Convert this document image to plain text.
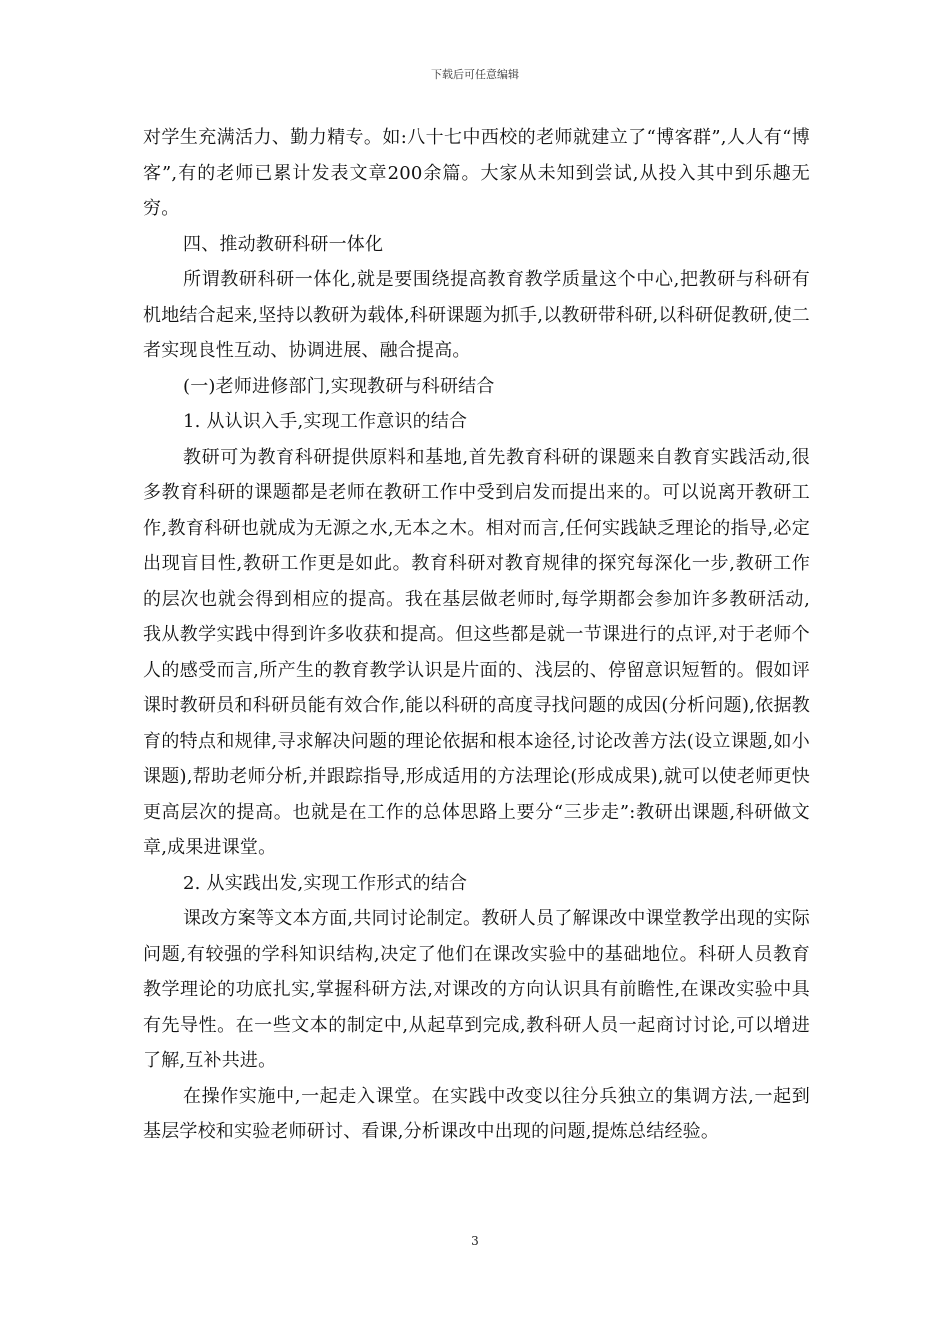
下载后可任意编辑

对学生充满活力、勤力精专。如:八十七中西校的老师就建立了“博客群”,人人有“博客”,有的老师已累计发表文章200余篇。大家从未知到尝试,从投入其中到乐趣无穷。

四、推动教研科研一体化

所谓教研科研一体化,就是要围绕提高教育教学质量这个中心,把教研与科研有机地结合起来,坚持以教研为载体,科研课题为抓手,以教研带科研,以科研促教研,使二者实现良性互动、协调进展、融合提高。

(一)老师进修部门,实现教研与科研结合

1. 从认识入手,实现工作意识的结合

教研可为教育科研提供原料和基地,首先教育科研的课题来自教育实践活动,很多教育科研的课题都是老师在教研工作中受到启发而提出来的。可以说离开教研工作,教育科研也就成为无源之水,无本之木。相对而言,任何实践缺乏理论的指导,必定出现盲目性,教研工作更是如此。教育科研对教育规律的探究每深化一步,教研工作的层次也就会得到相应的提高。我在基层做老师时,每学期都会参加许多教研活动,我从教学实践中得到许多收获和提高。但这些都是就一节课进行的点评,对于老师个人的感受而言,所产生的教育教学认识是片面的、浅层的、停留意识短暂的。假如评课时教研员和科研员能有效合作,能以科研的高度寻找问题的成因(分析问题),依据教育的特点和规律,寻求解决问题的理论依据和根本途径,讨论改善方法(设立课题,如小课题),帮助老师分析,并跟踪指导,形成适用的方法理论(形成成果),就可以使老师更快更高层次的提高。也就是在工作的总体思路上要分“三步走”:教研出课题,科研做文章,成果进课堂。

2. 从实践出发,实现工作形式的结合

课改方案等文本方面,共同讨论制定。教研人员了解课改中课堂教学出现的实际问题,有较强的学科知识结构,决定了他们在课改实验中的基础地位。科研人员教育教学理论的功底扎实,掌握科研方法,对课改的方向认识具有前瞻性,在课改实验中具有先导性。在一些文本的制定中,从起草到完成,教科研人员一起商讨讨论,可以增进了解,互补共进。

在操作实施中,一起走入课堂。在实践中改变以往分兵独立的集调方法,一起到基层学校和实验老师研讨、看课,分析课改中出现的问题,提炼总结经验。

3
